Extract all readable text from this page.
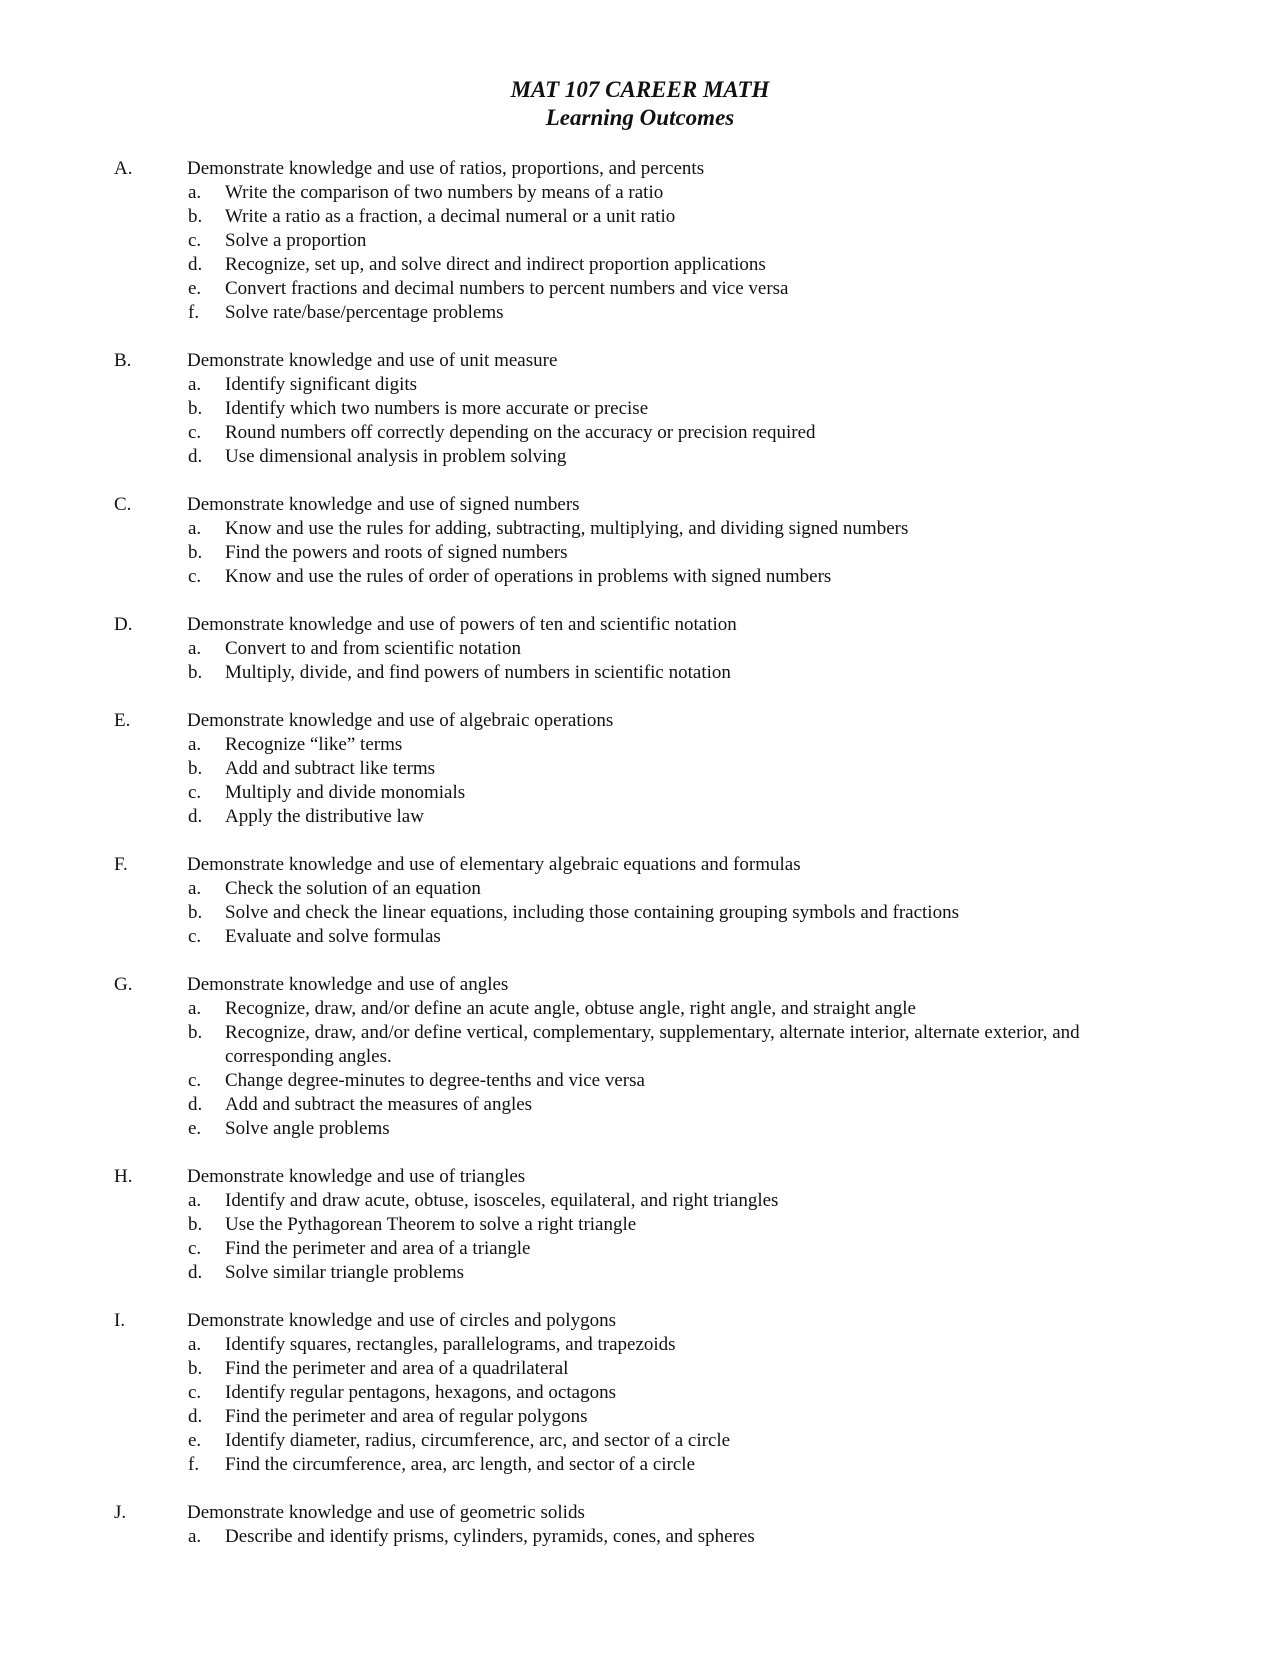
MAT 107 CAREER MATH
Learning Outcomes
A.	Demonstrate knowledge and use of ratios, proportions, and percents
a. Write the comparison of two numbers by means of a ratio
b. Write a ratio as a fraction, a decimal numeral or a unit ratio
c. Solve a proportion
d. Recognize, set up, and solve direct and indirect proportion applications
e. Convert fractions and decimal numbers to percent numbers and vice versa
f. Solve rate/base/percentage problems
B.	Demonstrate knowledge and use of unit measure
a. Identify significant digits
b. Identify which two numbers is more accurate or precise
c. Round numbers off correctly depending on the accuracy or precision required
d. Use dimensional analysis in problem solving
C.	Demonstrate knowledge and use of signed numbers
a. Know and use the rules for adding, subtracting, multiplying, and dividing signed numbers
b. Find the powers and roots of signed numbers
c. Know and use the rules of order of operations in problems with signed numbers
D.	Demonstrate knowledge and use of powers of ten and scientific notation
a. Convert to and from scientific notation
b. Multiply, divide, and find powers of numbers in scientific notation
E.	Demonstrate knowledge and use of algebraic operations
a. Recognize “like” terms
b. Add and subtract like terms
c. Multiply and divide monomials
d. Apply the distributive law
F.	Demonstrate knowledge and use of elementary algebraic equations and formulas
a. Check the solution of an equation
b. Solve and check the linear equations, including those containing grouping symbols and fractions
c. Evaluate and solve formulas
G.	Demonstrate knowledge and use of angles
a. Recognize, draw, and/or define an acute angle, obtuse angle, right angle, and straight angle
b. Recognize, draw, and/or define vertical, complementary, supplementary, alternate interior, alternate exterior, and corresponding angles.
c. Change degree-minutes to degree-tenths and vice versa
d. Add and subtract the measures of angles
e. Solve angle problems
H.	Demonstrate knowledge and use of triangles
a. Identify and draw acute, obtuse, isosceles, equilateral, and right triangles
b. Use the Pythagorean Theorem to solve a right triangle
c. Find the perimeter and area of a triangle
d. Solve similar triangle problems
I.	Demonstrate knowledge and use of circles and polygons
a. Identify squares, rectangles, parallelograms, and trapezoids
b. Find the perimeter and area of a quadrilateral
c. Identify regular pentagons, hexagons, and octagons
d. Find the perimeter and area of regular polygons
e. Identify diameter, radius, circumference, arc, and sector of a circle
f. Find the circumference, area, arc length, and sector of a circle
J.	Demonstrate knowledge and use of geometric solids
a. Describe and identify prisms, cylinders, pyramids, cones, and spheres
